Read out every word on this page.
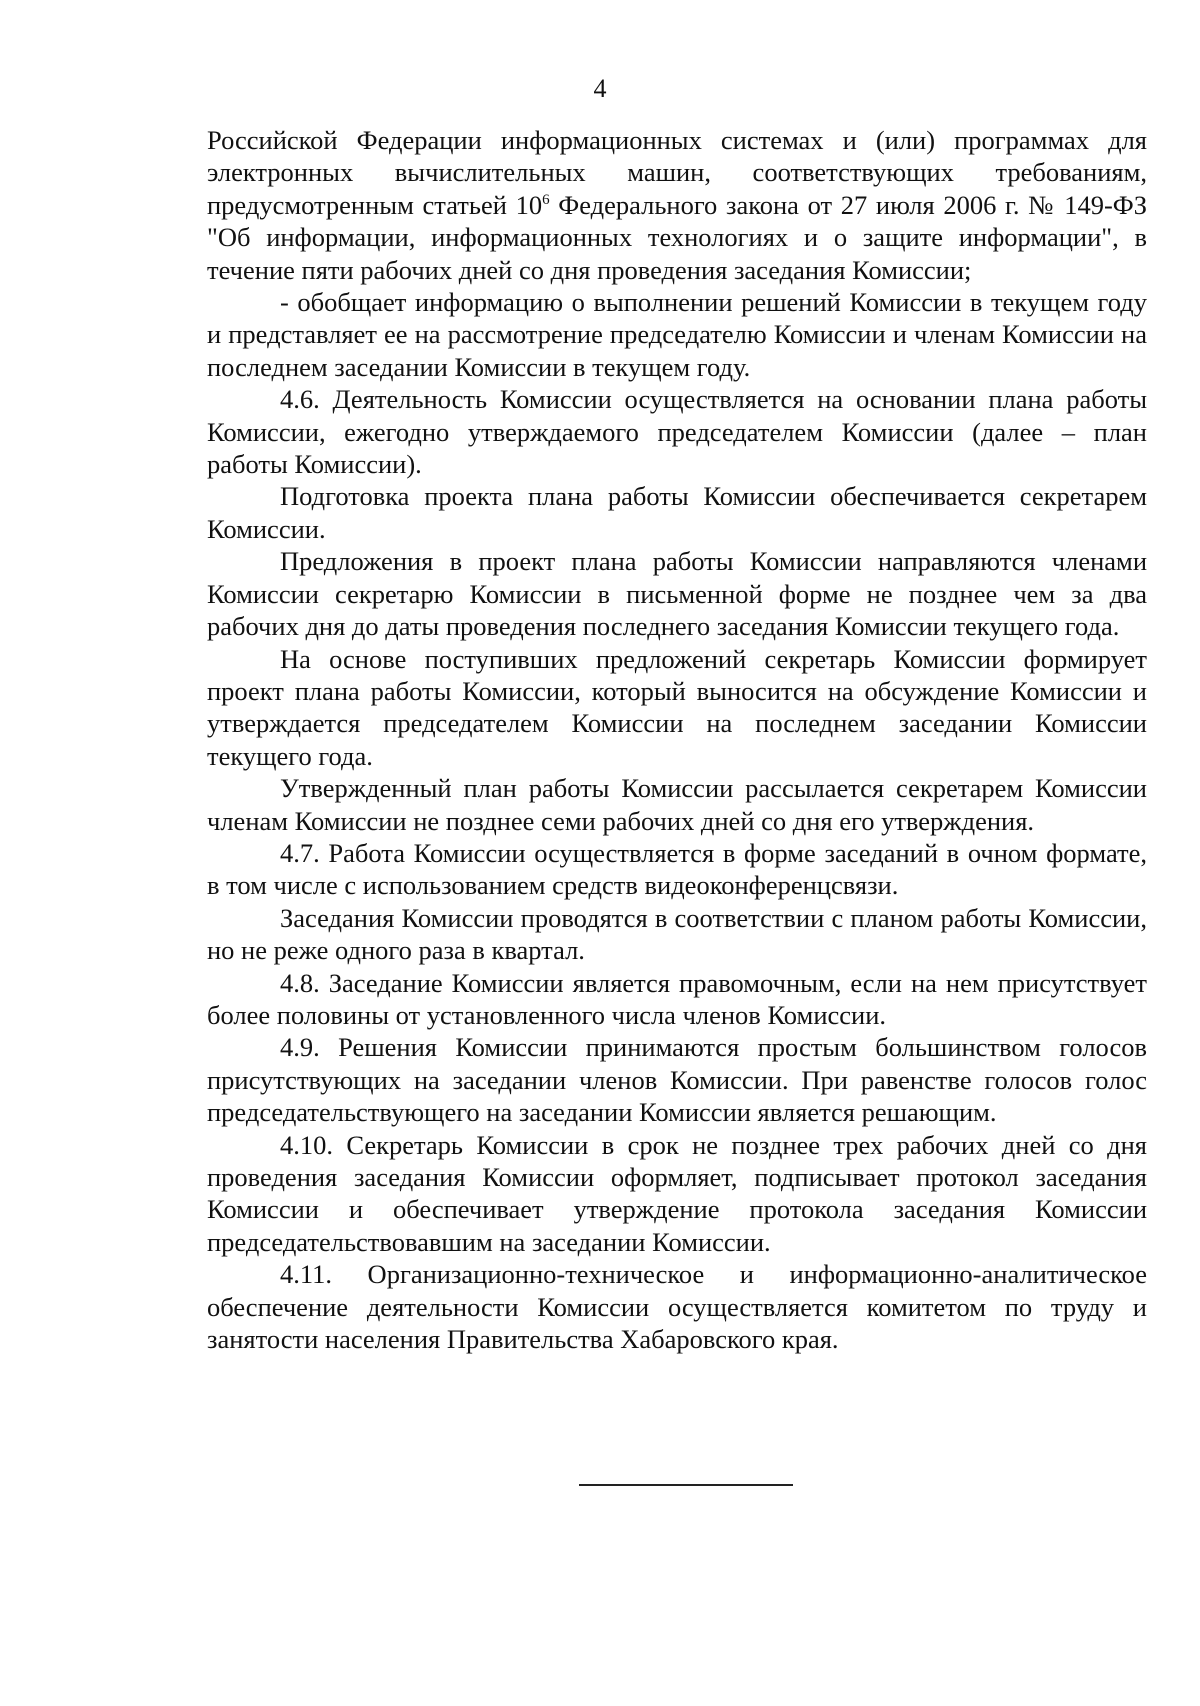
4

Российской Федерации информационных системах и (или) программах для электронных вычислительных машин, соответствующих требованиям, предусмотренным статьей $10^6$ Федерального закона от 27 июля 2006 г. № 149-ФЗ "Об информации, информационных технологиях и о защите информации", в течение пяти рабочих дней со дня проведения заседания Комиссии;

- обобщает информацию о выполнении решений Комиссии в текущем году и представляет ее на рассмотрение председателю Комиссии и членам Комиссии на последнем заседании Комиссии в текущем году.

4.6. Деятельность Комиссии осуществляется на основании плана работы Комиссии, ежегодно утверждаемого председателем Комиссии (далее – план работы Комиссии).

Подготовка проекта плана работы Комиссии обеспечивается секретарем Комиссии.

Предложения в проект плана работы Комиссии направляются членами Комиссии секретарю Комиссии в письменной форме не позднее чем за два рабочих дня до даты проведения последнего заседания Комиссии текущего года.

На основе поступивших предложений секретарь Комиссии формирует проект плана работы Комиссии, который выносится на обсуждение Комиссии и утверждается председателем Комиссии на последнем заседании Комиссии текущего года.

Утвержденный план работы Комиссии рассылается секретарем Комиссии членам Комиссии не позднее семи рабочих дней со дня его утверждения.

4.7. Работа Комиссии осуществляется в форме заседаний в очном формате, в том числе с использованием средств видеоконференцсвязи.

Заседания Комиссии проводятся в соответствии с планом работы Комиссии, но не реже одного раза в квартал.

4.8. Заседание Комиссии является правомочным, если на нем присутствует более половины от установленного числа членов Комиссии.

4.9. Решения Комиссии принимаются простым большинством голосов присутствующих на заседании членов Комиссии. При равенстве голосов голос председательствующего на заседании Комиссии является решающим.

4.10. Секретарь Комиссии в срок не позднее трех рабочих дней со дня проведения заседания Комиссии оформляет, подписывает протокол заседания Комиссии и обеспечивает утверждение протокола заседания Комиссии председательствовавшим на заседании Комиссии.

4.11. Организационно-техническое и информационно-аналитическое обеспечение деятельности Комиссии осуществляется комитетом по труду и занятости населения Правительства Хабаровского края.
